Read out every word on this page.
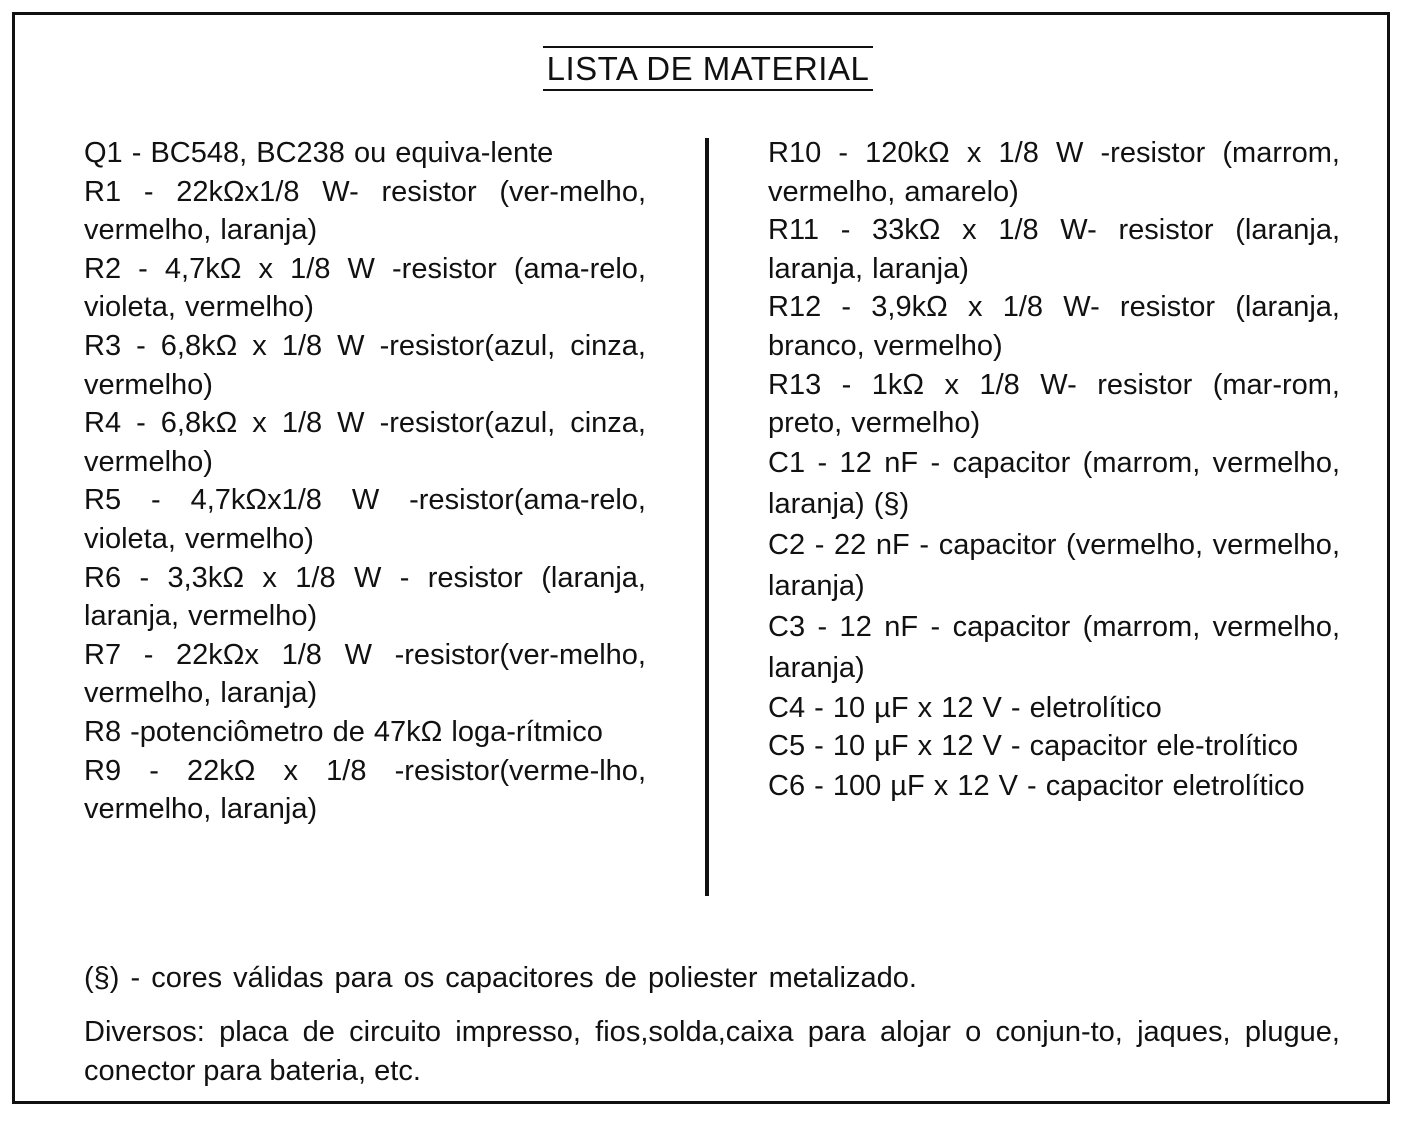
LISTA DE MATERIAL

Q1 - BC548, BC238 ou equiva-lente

R1 - 22kΩx1/8 W- resistor (ver-melho, vermelho, laranja)

R2 - 4,7kΩ x 1/8 W -resistor (ama-relo, violeta, vermelho)

R3 - 6,8kΩ x 1/8 W -resistor(azul, cinza, vermelho)

R4 - 6,8kΩ x 1/8 W -resistor(azul, cinza, vermelho)

R5 - 4,7kΩx1/8 W -resistor(ama-relo, violeta, vermelho)

R6 - 3,3kΩ x 1/8 W - resistor (laranja, laranja, vermelho)

R7 - 22kΩx 1/8 W -resistor(ver-melho, vermelho, laranja)

R8 -potenciômetro de 47kΩ loga-rítmico

R9 - 22kΩ x 1/8 -resistor(verme-lho, vermelho, laranja)

R10 - 120kΩ x 1/8 W -resistor (marrom, vermelho, amarelo)

R11 - 33kΩ x 1/8 W- resistor (laranja, laranja, laranja)

R12 - 3,9kΩ x 1/8 W- resistor (laranja, branco, vermelho)

R13 - 1kΩ x 1/8 W- resistor (mar-rom, preto, vermelho)

C1 - 12 nF - capacitor (marrom, vermelho, laranja) (§)

C2 - 22 nF - capacitor (vermelho, vermelho, laranja)

C3 - 12 nF - capacitor (marrom, vermelho, laranja)

C4 - 10 µF x 12 V - eletrolítico

C5 - 10 µF x 12 V - capacitor ele-trolítico

C6 - 100 µF x 12 V - capacitor eletrolítico

(§) - cores válidas para os capacitores de poliester metalizado.

Diversos: placa de circuito impresso, fios,solda,caixa para alojar o conjun-to, jaques, plugue, conector para bateria, etc.
